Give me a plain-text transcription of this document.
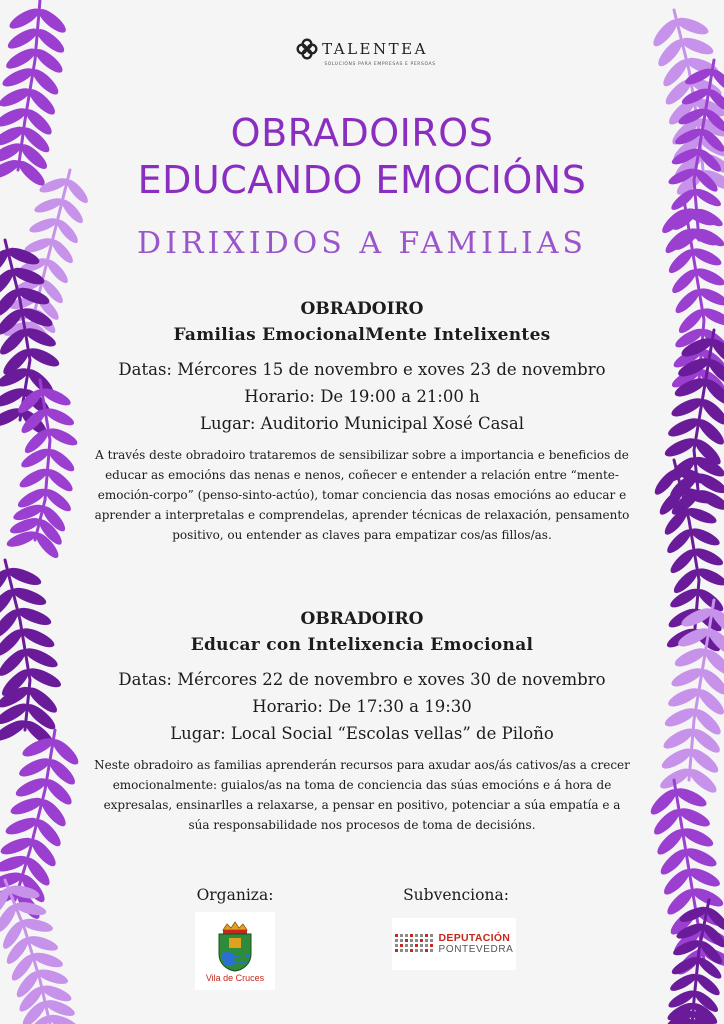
TALENTEA
SOLUCIÓNS PARA EMPRESAS E PERSOAS
OBRADOIROS
EDUCANDO EMOCIÓNS
DIRIXIDOS A FAMILIAS
OBRADOIRO
Familias EmocionalMente Intelixentes
Datas: Mércores 15 de novembro e xoves 23 de novembro
Horario: De 19:00 a 21:00 h
Lugar: Auditorio Municipal Xosé Casal

A través deste obradoiro trataremos de sensibilizar sobre a importancia e beneficios de educar as emocións das nenas e nenos, coñecer e entender a relación entre “mente-emoción-corpo” (penso-sinto-actúo), tomar conciencia das nosas emocións ao educar e aprender a interpretalas e comprendelas, aprender técnicas de relaxación, pensamento positivo, ou entender as claves para empatizar cos/as fillos/as.

OBRADOIRO
Educar con Intelixencia Emocional
Datas: Mércores 22 de novembro e xoves 30 de novembro
Horario: De 17:30 a 19:30
Lugar: Local Social “Escolas vellas” de Piloño

Neste obradoiro as familias aprenderán recursos para axudar aos/ás cativos/as a crecer emocionalmente: guialos/as na toma de conciencia das súas emocións e á hora de expresalas, ensinarlles a relaxarse, a pensar en positivo, potenciar a súa empatía e a súa responsabilidade nos procesos de toma de decisións.

Organiza:
Vila de Cruces
Subvenciona:
DEPUTACIÓN
PONTEVEDRA
